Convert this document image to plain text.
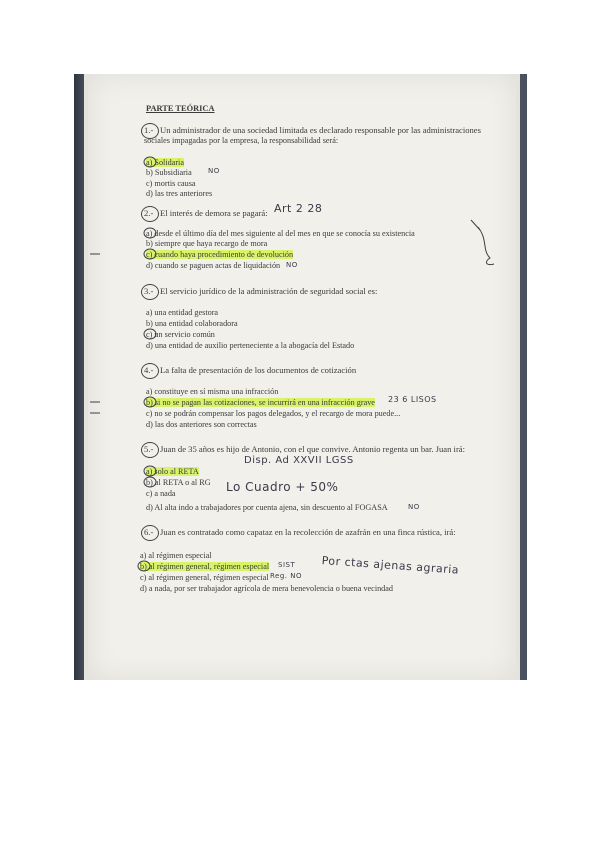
PARTE TEÓRICA
1.- Un administrador de una sociedad limitada es declarado responsable por las administraciones
sociales impagadas por la empresa, la responsabilidad será:
a) Solidaria
b) Subsidiaria NO
c) mortis causa
d) las tres anteriores
2.- El interés de demora se pagará: Art 2 28
a) desde el último día del mes siguiente al del mes en que se conocía su existencia
b) siempre que haya recargo de mora
c) cuando haya procedimiento de devolución
d) cuando se paguen actas de liquidación NO
3.- El servicio jurídico de la administración de seguridad social es:
a) una entidad gestora
b) una entidad colaboradora
c) un servicio común
d) una entidad de auxilio perteneciente a la abogacía del Estado
4.- La falta de presentación de los documentos de cotización
a) constituye en sí misma una infracción
b) si no se pagan las cotizaciones, se incurrirá en una infracción grave 23 6 LISOS
c) no se podrán compensar los pagos delegados, y el recargo de mora puede...
d) las dos anteriores son correctas
5.- Juan de 35 años es hijo de Antonio, con el que convive. Antonio regenta un bar. Juan irá:
Disp. Ad XXVII LGSS
a) solo al RETA
b) al RETA o al RG Lo Cuadro + 50%
c) a nada
d) Al alta indo a trabajadores por cuenta ajena, sin descuento al FOGASA	NO
6.- Juan es contratado como capataz en la recolección de azafrán en una finca rústica, irá:
a) al régimen especial
b) al régimen general, régimen especial SIST Por ctas ajenas agraria
c) al régimen general, régimen especial Reg. NO
d) a nada, por ser trabajador agrícola de mera benevolencia o buena vecindad
